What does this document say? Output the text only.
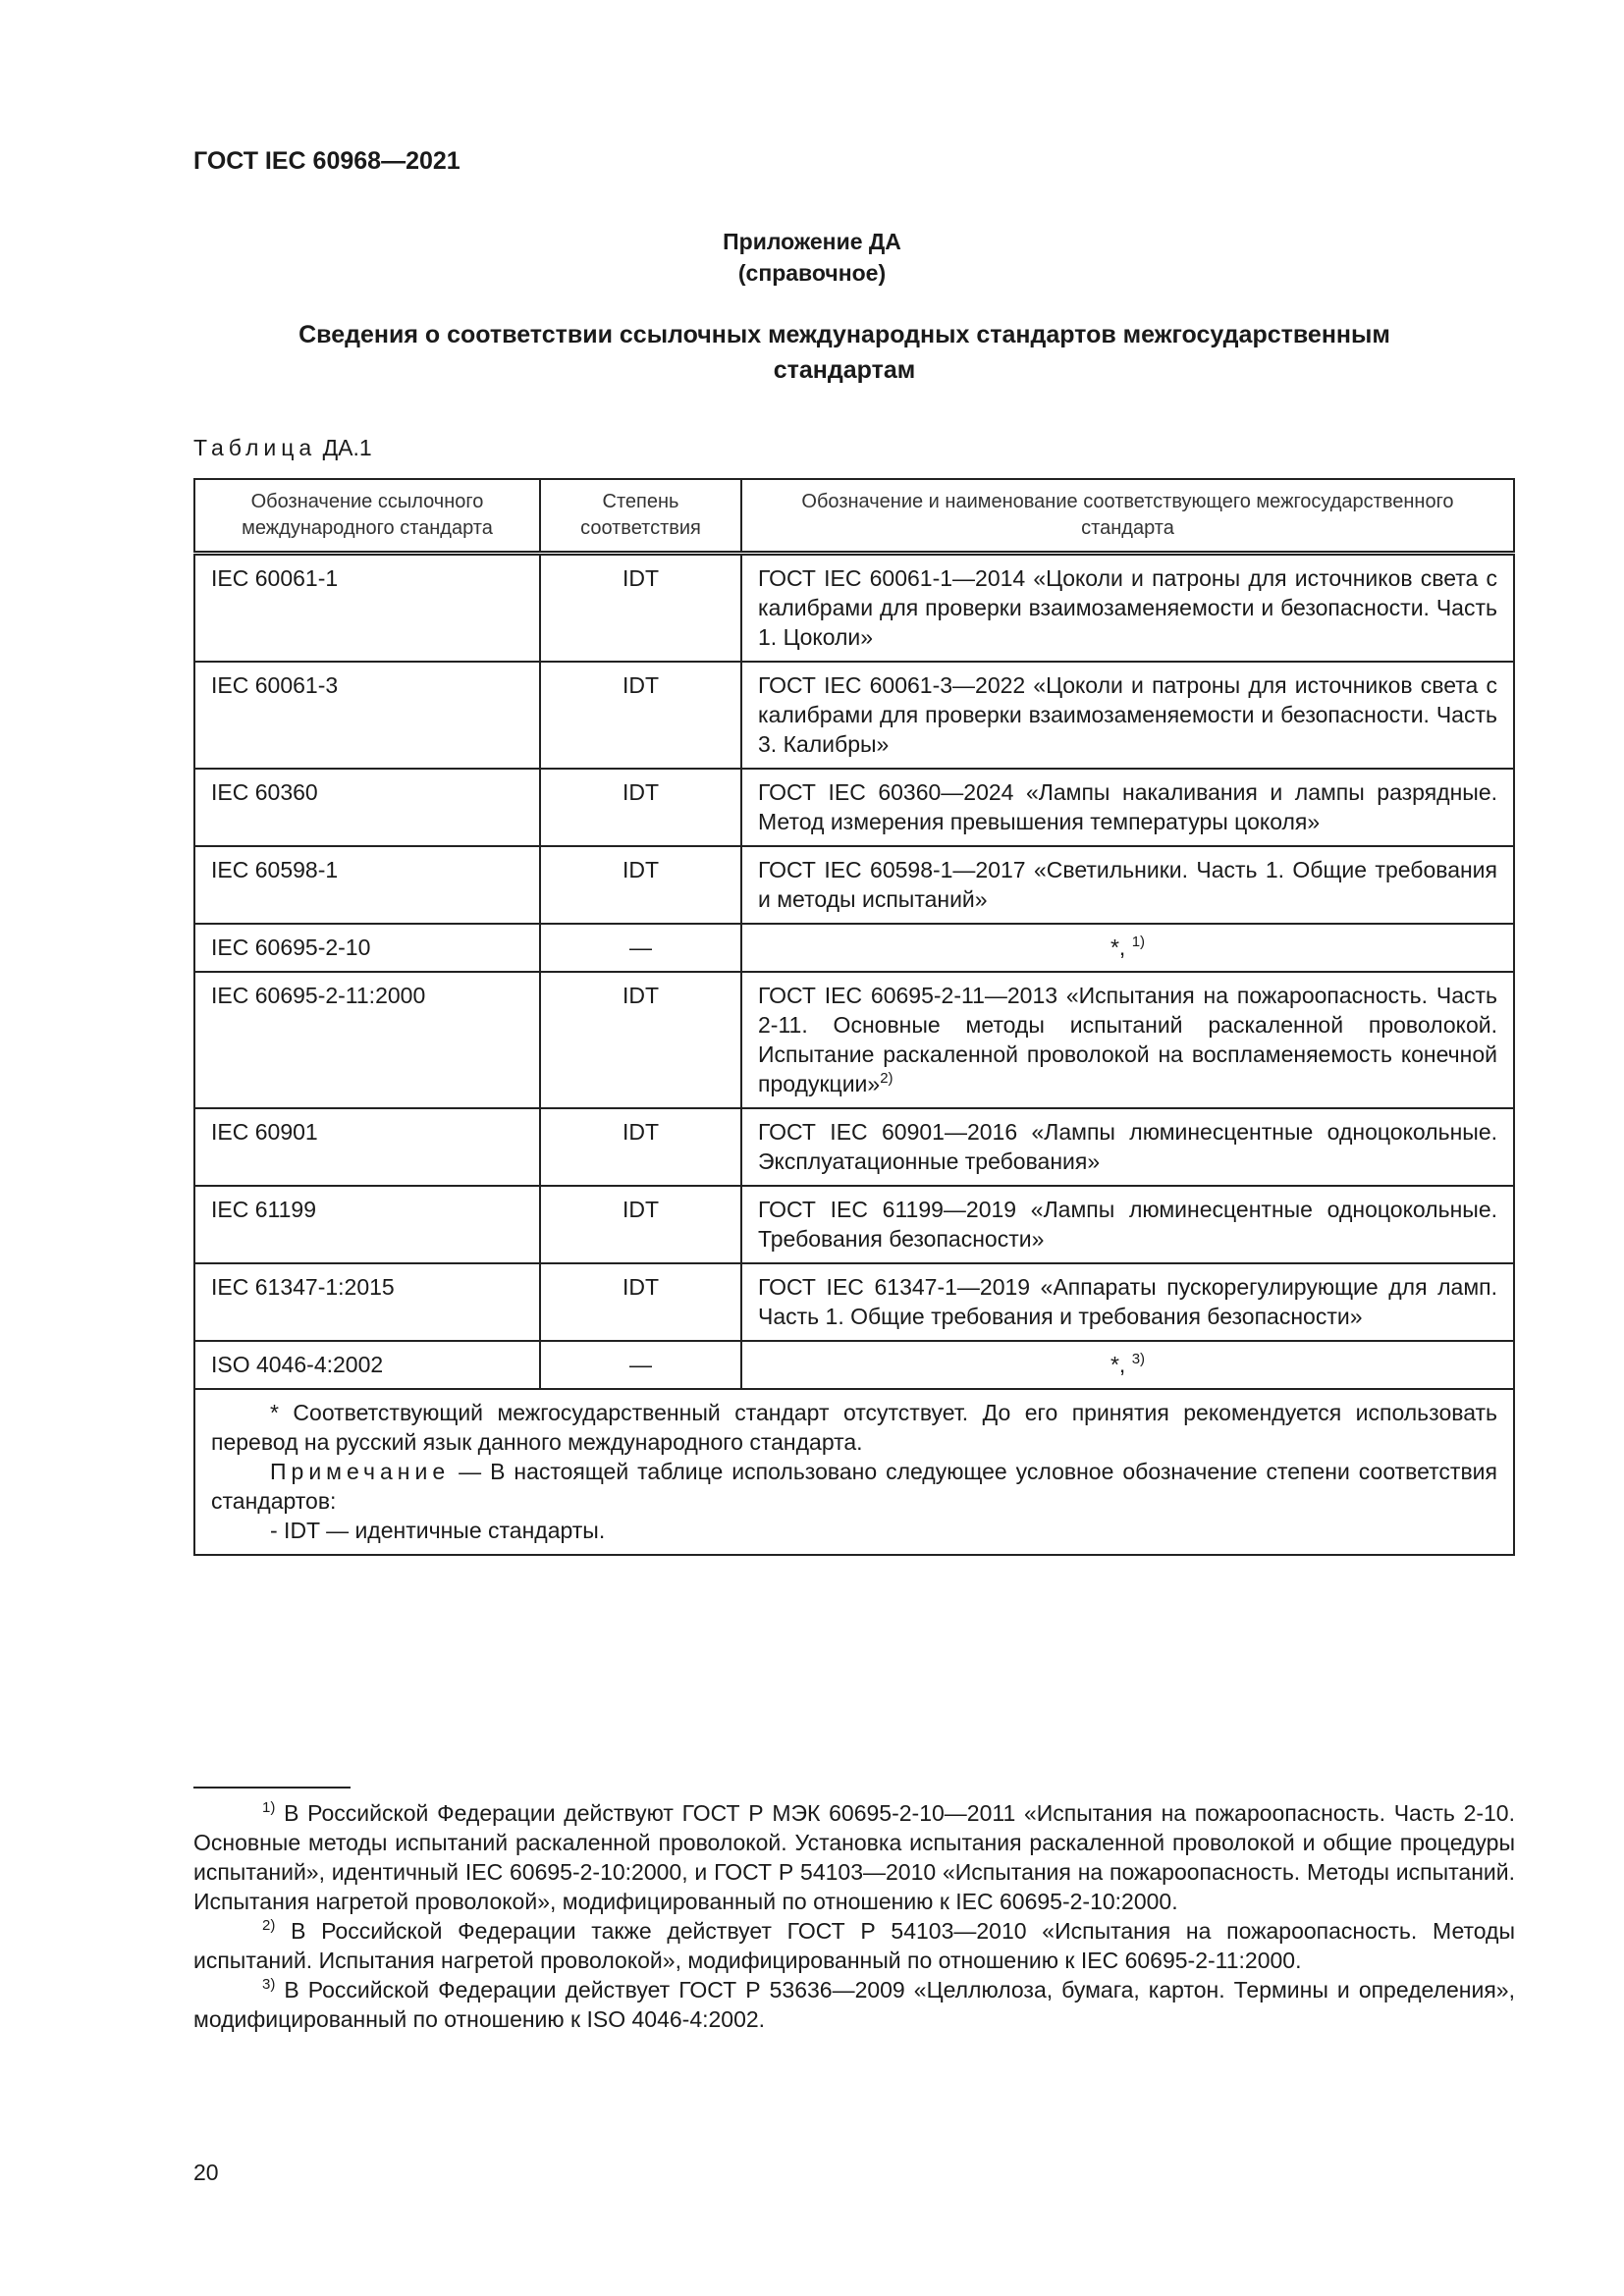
ГОСТ IEC 60968—2021
Приложение ДА
(справочное)
Сведения о соответствии ссылочных международных стандартов межгосударственным стандартам
Таблица ДА.1
Обозначение ссылочного международного стандарта	Степень соответствия	Обозначение и наименование соответствующего межгосударственного стандарта
IEC 60061-1	IDT	ГОСТ IEC 60061-1—2014 «Цоколи и патроны для источников света с калибрами для проверки взаимозаменяемости и безопасности. Часть 1. Цоколи»
IEC 60061-3	IDT	ГОСТ IEC 60061-3—2022 «Цоколи и патроны для источников света с калибрами для проверки взаимозаменяемости и безопасности. Часть 3. Калибры»
IEC 60360	IDT	ГОСТ IEC 60360—2024 «Лампы накаливания и лампы разрядные. Метод измерения превышения температуры цоколя»
IEC 60598-1	IDT	ГОСТ IEC 60598-1—2017 «Светильники. Часть 1. Общие требования и методы испытаний»
IEC 60695-2-10	—	*, $^{1)}$
IEC 60695-2-11:2000	IDT	ГОСТ IEC 60695-2-11—2013 «Испытания на пожароопасность. Часть 2-11. Основные методы испытаний раскаленной проволокой. Испытание раскаленной проволокой на воспламеняемость конечной продукции»$^{2)}$
IEC 60901	IDT	ГОСТ IEC 60901—2016 «Лампы люминесцентные одноцокольные. Эксплуатационные требования»
IEC 61199	IDT	ГОСТ IEC 61199—2019 «Лампы люминесцентные одноцокольные. Требования безопасности»
IEC 61347-1:2015	IDT	ГОСТ IEC 61347-1—2019 «Аппараты пускорегулирующие для ламп. Часть 1. Общие требования и требования безопасности»
ISO 4046-4:2002	—	*, $^{3)}$

* Соответствующий межгосударственный стандарт отсутствует. До его принятия рекомендуется использовать перевод на русский язык данного международного стандарта.
Примечание — В настоящей таблице использовано следующее условное обозначение степени соответствия стандартов:
- IDT — идентичные стандарты.		

$^{1)}$ В Российской Федерации действуют ГОСТ Р МЭК 60695-2-10—2011 «Испытания на пожароопасность. Часть 2-10. Основные методы испытаний раскаленной проволокой. Установка испытания раскаленной проволокой и общие процедуры испытаний», идентичный IEC 60695-2-10:2000, и ГОСТ Р 54103—2010 «Испытания на пожароопасность. Методы испытаний. Испытания нагретой проволокой», модифицированный по отношению к IEC 60695-2-10:2000.

$^{2)}$ В Российской Федерации также действует ГОСТ Р 54103—2010 «Испытания на пожароопасность. Методы испытаний. Испытания нагретой проволокой», модифицированный по отношению к IEC 60695-2-11:2000.

$^{3)}$ В Российской Федерации действует ГОСТ Р 53636—2009 «Целлюлоза, бумага, картон. Термины и определения», модифицированный по отношению к ISO 4046-4:2002.

20
